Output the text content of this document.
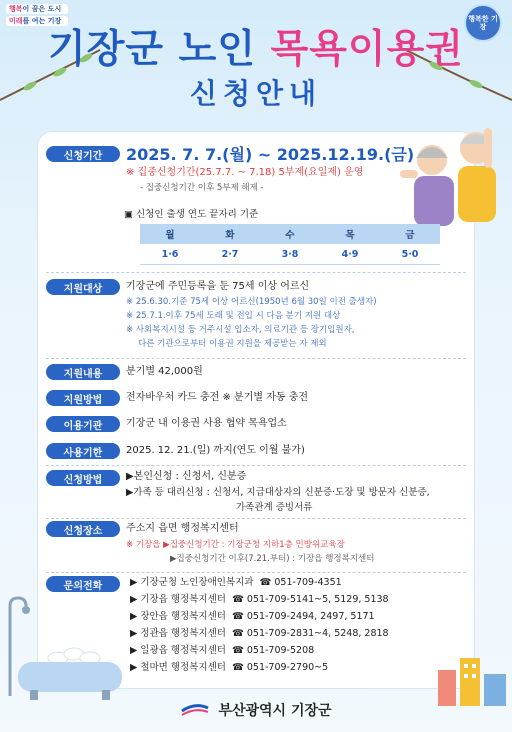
행복이 꿈은 도시
미래를 여는 기장	행복한 기장
기장군 노인 목욕이용권
신청안내
신청기간	2025. 7. 7.(월) ~ 2025.12.19.(금)
※ 집중신청기간(25.7.7. ~ 7.18) 5부제(요일제) 운영
- 집중신청기간 이후 5부제 해제 -
▣ 신청인 출생 연도 끝자리 기준
월	화	수	목	금
1·6	2·7	3·8	4·9	5·0
지원대상	기장군에 주민등록을 둔 75세 이상 어르신
※ 25.6.30.기준 75세 이상 어르신(1950년 6월 30일 이전 출생자)
※ 25.7.1.이후 75세 도래 및 전입 시 다음 분기 지원 대상
※ 사회복지시설 등 거주시설 입소자, 의료기관 등 장기입원자,
다른 기관으로부터 이용권 지원을 제공받는 자 제외
지원내용	분기별 42,000원
지원방법	전자바우처 카드 충전 ※ 분기별 자동 충전
이용기관	기장군 내 이용권 사용 협약 목욕업소
사용기한	2025. 12. 21.(일) 까지(연도 이월 불가)
신청방법	▶본인신청 : 신청서, 신분증
▶가족 등 대리신청 : 신청서, 지급대상자의 신분증·도장 및 방문자 신분증,
가족관계 증빙서류
신청장소	주소지 읍면 행정복지센터
※ 기장읍 ▶집중신청기간 : 기장군청 지하1층 민방위교육장
▶집중신청기간 이후(7.21.부터) : 기장읍 행정복지센터
문의전화	▶ 기장군청 노인장애인복지과 ☎ 051-709-4351
▶ 기장읍 행정복지센터 ☎ 051-709-5141~5, 5129, 5138
▶ 장안읍 행정복지센터 ☎ 051-709-2494, 2497, 5171
▶ 정관읍 행정복지센터 ☎ 051-709-2831~4, 5248, 2818
▶ 일광읍 행정복지센터 ☎ 051-709-5208
▶ 철마면 행정복지센터 ☎ 051-709-2790~5
부산광역시 기장군
